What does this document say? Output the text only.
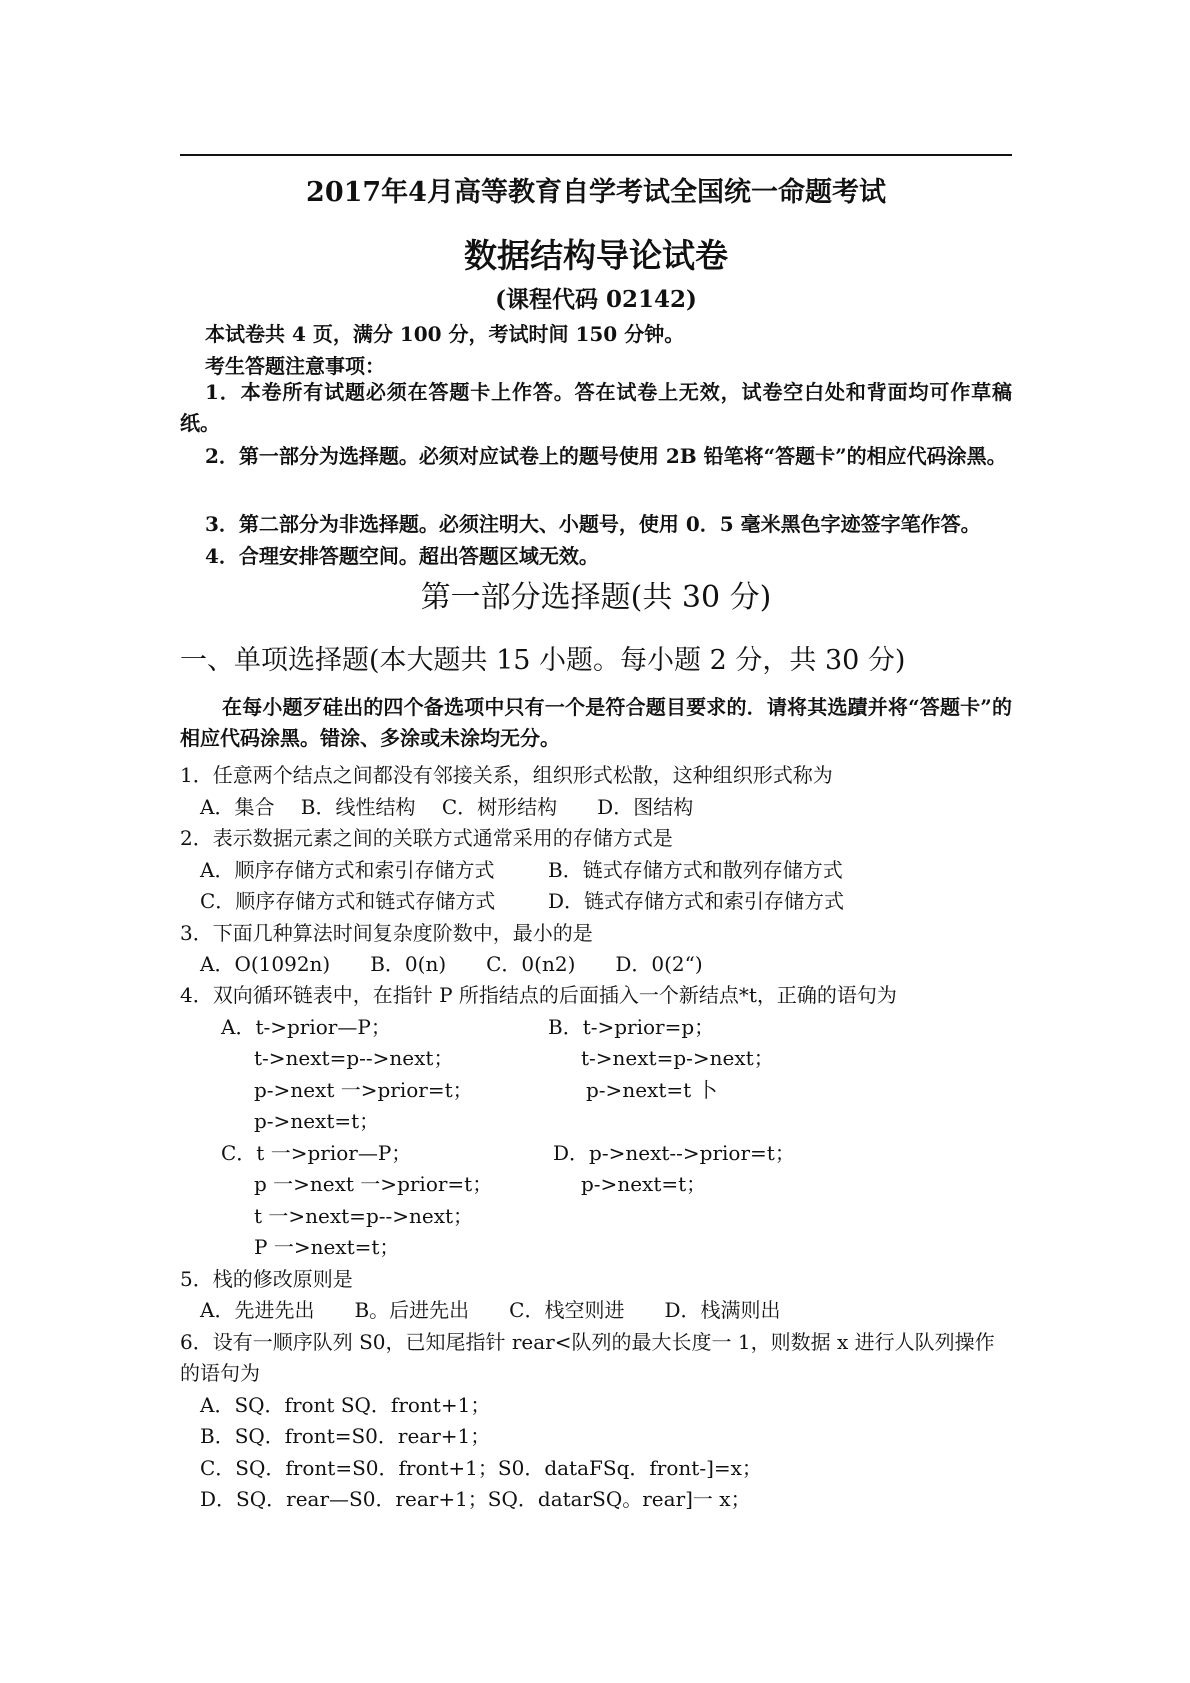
2017年4月高等教育自学考试全国统一命题考试
数据结构导论试卷
(课程代码 02142)
本试卷共 4 页，满分 100 分，考试时间 150 分钟。
考生答题注意事项：
1．本卷所有试题必须在答题卡上作答。答在试卷上无效，试卷空白处和背面均可作草稿纸。
2．第一部分为选择题。必须对应试卷上的题号使用 2B 铅笔将“答题卡”的相应代码涂黑。
3．第二部分为非选择题。必须注明大、小题号，使用 0．5 毫米黑色字迹签字笔作答。
4．合理安排答题空间。超出答题区域无效。
第一部分选择题(共 30 分)
一、单项选择题(本大题共 15 小题。每小题 2 分，共 30 分)
在每小题歹硅出的四个备选项中只有一个是符合题目要求的．请将其选蹟并将“答题卡”的相应代码涂黑。错涂、多涂或未涂均无分。
1．任意两个结点之间都没有邻接关系，组织形式松散，这种组织形式称为
A．集合　 B．线性结构　 C．树形结构　　D．图结构
2．表示数据元素之间的关联方式通常采用的存储方式是
A．顺序存储方式和索引存储方式	B．链式存储方式和散列存储方式
C．顺序存储方式和链式存储方式	D．链式存储方式和索引存储方式
3．下面几种算法时间复杂度阶数中，最小的是
A．O(1092n)　　B．0(n)　　C．0(n2)　　D．0(2“)
4．双向循环链表中，在指针 P 所指结点的后面插入一个新结点*t，正确的语句为
A．t->prior—P；
t->next=p-->next；
p->next 一>prior=t；
p->next=t；
B．t->prior=p；
t->next=p->next；
p->next=t 卜
C．t 一>prior—P；
p 一>next 一>prior=t；
t 一>next=p-->next；
P 一>next=t；
D．p->next-->prior=t；
p->next=t；
5．栈的修改原则是
A．先进先出　　B。后进先出　　C．栈空则进　　D．栈满则出
6．设有一顺序队列 S0，已知尾指针 rear<队列的最大长度一 1，则数据 x 进行人队列操作
的语句为
A．SQ．front SQ．front+1；
B．SQ．front=S0．rear+1；
C．SQ．front=S0．front+1；S0．dataFSq．front-]=x；
D．SQ．rear—S0．rear+1；SQ．datarSQ。rear]一 x；
